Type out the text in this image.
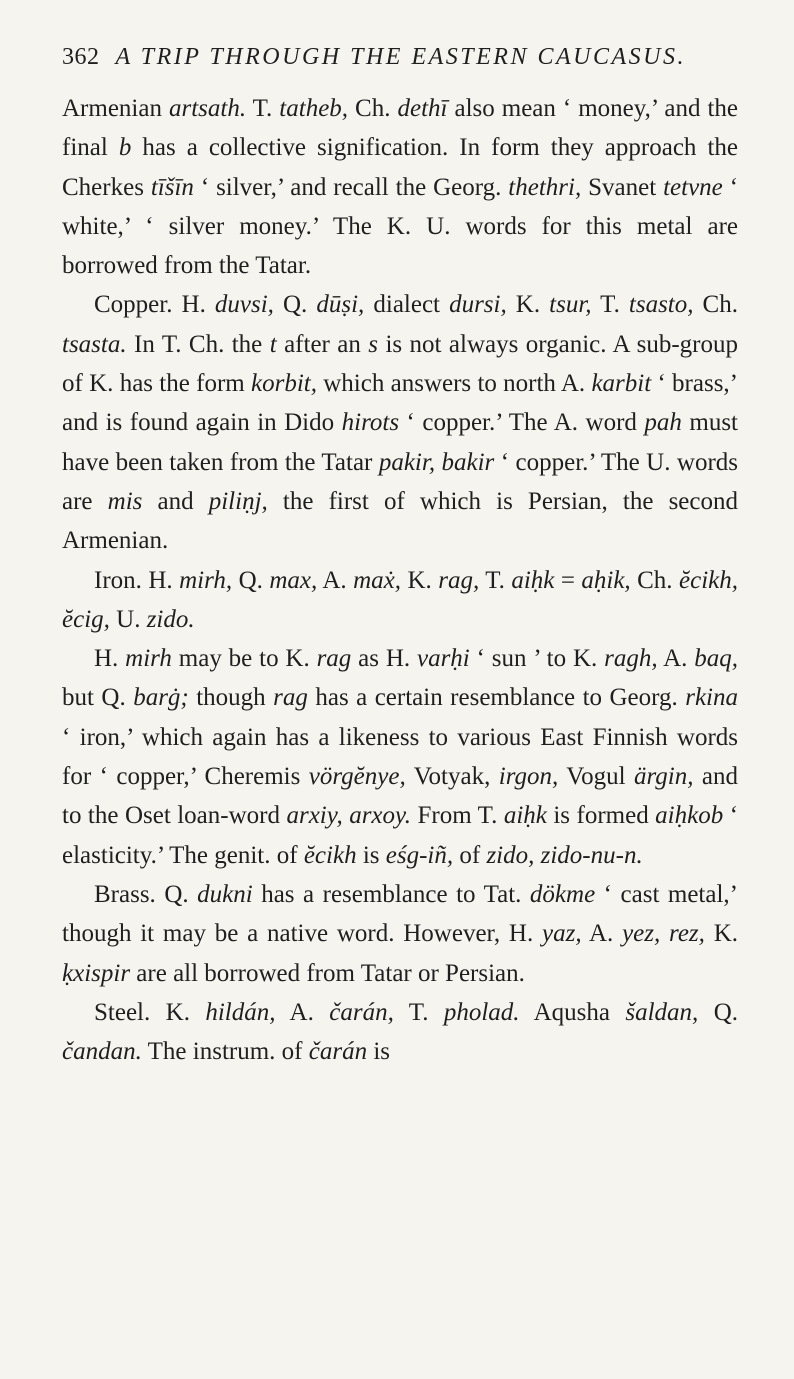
362 A TRIP THROUGH THE EASTERN CAUCASUS.

Armenian artsath. T. tatheb, Ch. dethī also mean ‘ money,’ and the final b has a collective signification. In form they approach the Cherkes tīšīn ‘ silver,’ and recall the Georg. thethri, Svanet tetvne ‘ white,’ ‘ silver money.’ The K. U. words for this metal are borrowed from the Tatar.

Copper. H. duvsi, Q. dūṣi, dialect dursi, K. tsur, T. tsasto, Ch. tsasta. In T. Ch. the t after an s is not always organic. A sub-group of K. has the form korbit, which answers to north A. karbit ‘ brass,’ and is found again in Dido hirots ‘ copper.’ The A. word pah must have been taken from the Tatar pakir, bakir ‘ copper.’ The U. words are mis and piliṇj, the first of which is Persian, the second Armenian.

Iron. H. mirh, Q. max, A. maẋ, K. rag, T. aiḥk = aḥik, Ch. ĕcikh, ĕcig, U. zido.

H. mirh may be to K. rag as H. varḥi ‘ sun ’ to K. ragh, A. baq, but Q. barġ; though rag has a certain resemblance to Georg. rkina ‘ iron,’ which again has a likeness to various East Finnish words for ‘ copper,’ Cheremis vörgĕnye, Votyak, irgon, Vogul ärgin, and to the Oset loan-word arxiy, arxoy. From T. aiḥk is formed aiḥkob ‘ elasticity.’ The genit. of ĕcikh is eśg-iñ, of zido, zido-nu-n.

Brass. Q. dukni has a resemblance to Tat. dökme ‘ cast metal,’ though it may be a native word. However, H. yaz, A. yez, rez, K. ḳxispir are all borrowed from Tatar or Persian.

Steel. K. hildán, A. čarán, T. pholad. Aqusha šaldan, Q. čandan. The instrum. of čarán is
